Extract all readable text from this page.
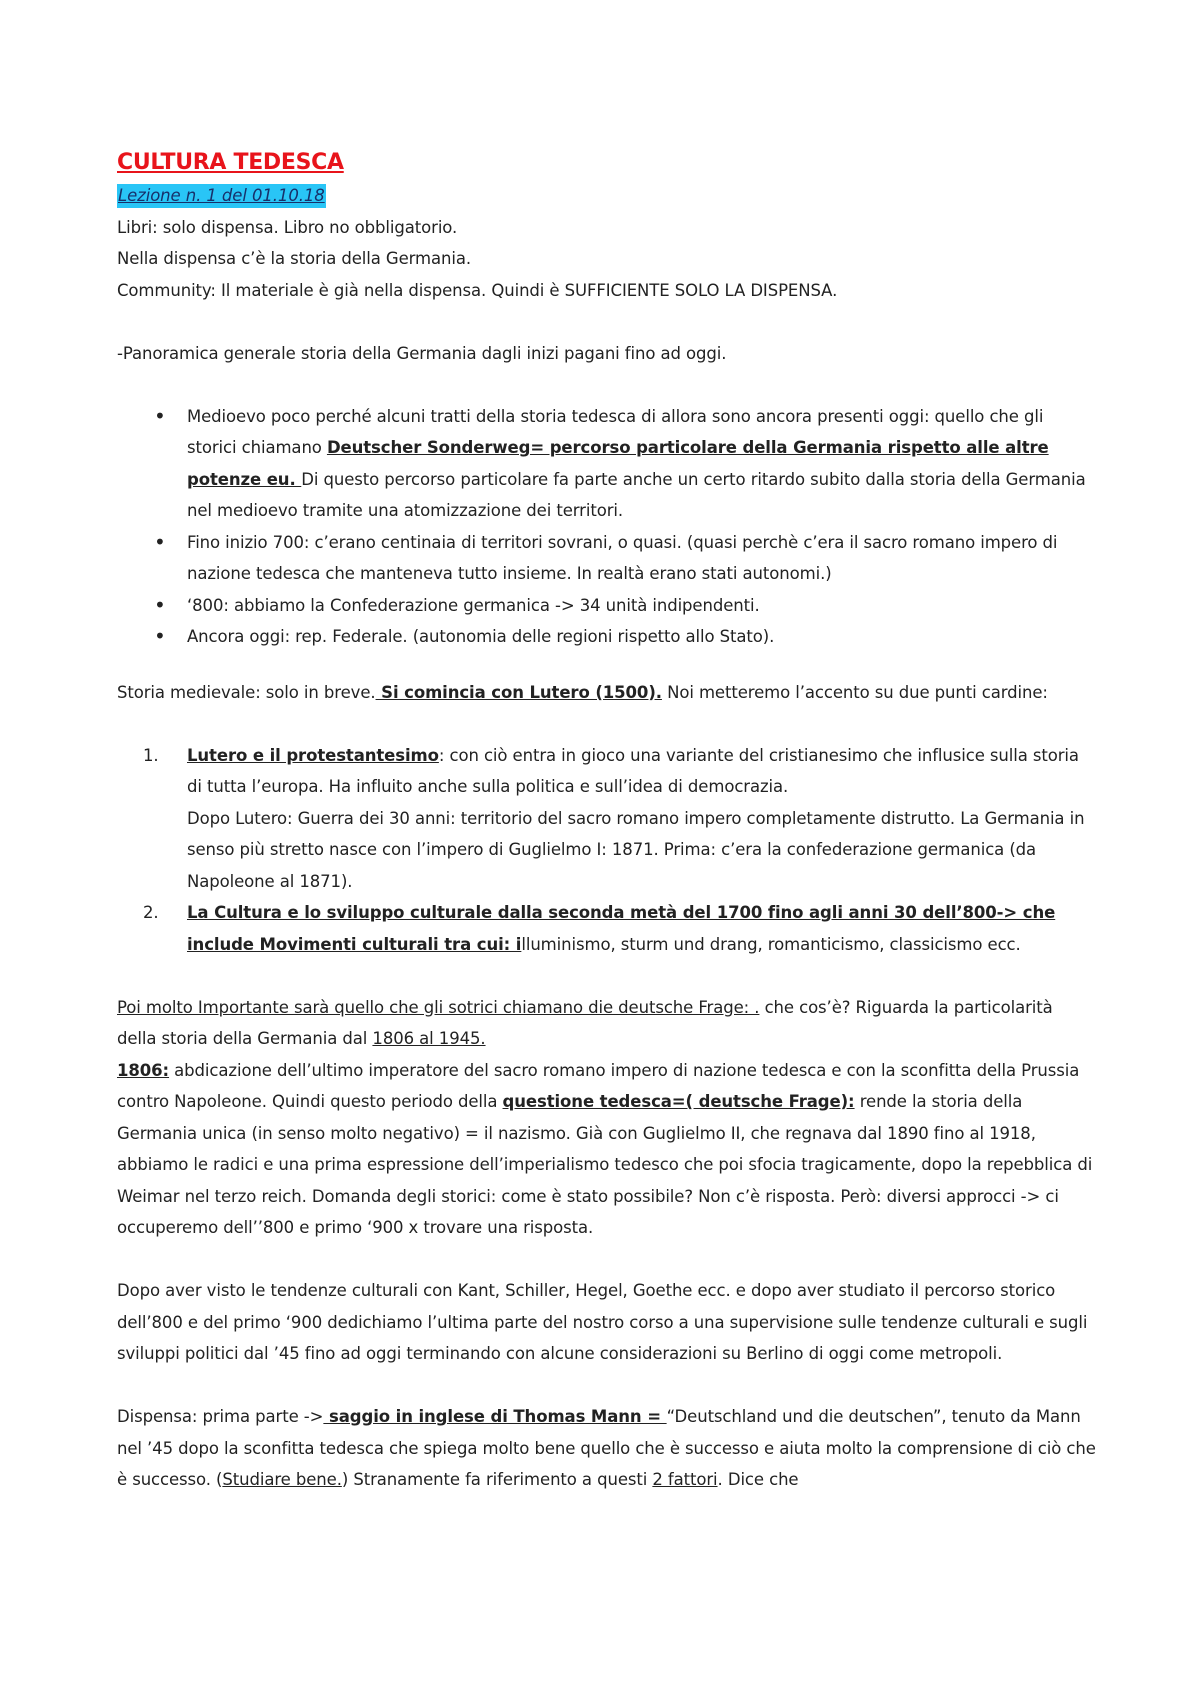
CULTURA TEDESCA
Lezione n. 1 del 01.10.18

Libri: solo dispensa. Libro no obbligatorio.

Nella dispensa c’è la storia della Germania.

Community: Il materiale è già nella dispensa. Quindi è SUFFICIENTE SOLO LA DISPENSA.

-Panoramica generale storia della Germania dagli inizi pagani fino ad oggi.

• Medioevo poco perché alcuni tratti della storia tedesca di allora sono ancora presenti oggi: quello che gli storici chiamano Deutscher Sonderweg= percorso particolare della Germania rispetto alle altre potenze eu. Di questo percorso particolare fa parte anche un certo ritardo subito dalla storia della Germania nel medioevo tramite una atomizzazione dei territori.
• Fino inizio 700: c’erano centinaia di territori sovrani, o quasi. (quasi perchè c’era il sacro romano impero di nazione tedesca che manteneva tutto insieme. In realtà erano stati autonomi.)
• ‘800: abbiamo la Confederazione germanica -> 34 unità indipendenti.
• Ancora oggi: rep. Federale. (autonomia delle regioni rispetto allo Stato).

Storia medievale: solo in breve. Si comincia con Lutero (1500). Noi metteremo l’accento su due punti cardine:

1. Lutero e il protestantesimo: con ciò entra in gioco una variante del cristianesimo che influsice sulla storia di tutta l’europa. Ha influito anche sulla politica e sull’idea di democrazia.
Dopo Lutero: Guerra dei 30 anni: territorio del sacro romano impero completamente distrutto. La Germania in senso più stretto nasce con l’impero di Guglielmo I: 1871. Prima: c’era la confederazione germanica (da Napoleone al 1871).
2. La Cultura e lo sviluppo culturale dalla seconda metà del 1700 fino agli anni 30 dell’800-> che include Movimenti culturali tra cui: illuminismo, sturm und drang, romanticismo, classicismo ecc.

Poi molto Importante sarà quello che gli sotrici chiamano die deutsche Frage: . che cos’è? Riguarda la particolarità della storia della Germania dal 1806 al 1945.
1806: abdicazione dell’ultimo imperatore del sacro romano impero di nazione tedesca e con la sconfitta della Prussia contro Napoleone. Quindi questo periodo della questione tedesca=( deutsche Frage): rende la storia della Germania unica (in senso molto negativo) = il nazismo. Già con Guglielmo II, che regnava dal 1890 fino al 1918, abbiamo le radici e una prima espressione dell’imperialismo tedesco che poi sfocia tragicamente, dopo la repebblica di Weimar nel terzo reich. Domanda degli storici: come è stato possibile? Non c’è risposta. Però: diversi approcci -> ci occuperemo dell’’800 e primo ‘900 x trovare una risposta.

Dopo aver visto le tendenze culturali con Kant, Schiller, Hegel, Goethe ecc. e dopo aver studiato il percorso storico dell’800 e del primo ‘900 dedichiamo l’ultima parte del nostro corso a una supervisione sulle tendenze culturali e sugli sviluppi politici dal ’45 fino ad oggi terminando con alcune considerazioni su Berlino di oggi come metropoli.

Dispensa: prima parte -> saggio in inglese di Thomas Mann = “Deutschland und die deutschen”, tenuto da Mann nel ’45 dopo la sconfitta tedesca che spiega molto bene quello che è successo e aiuta molto la comprensione di ciò che è successo. (Studiare bene.) Stranamente fa riferimento a questi 2 fattori. Dice che
